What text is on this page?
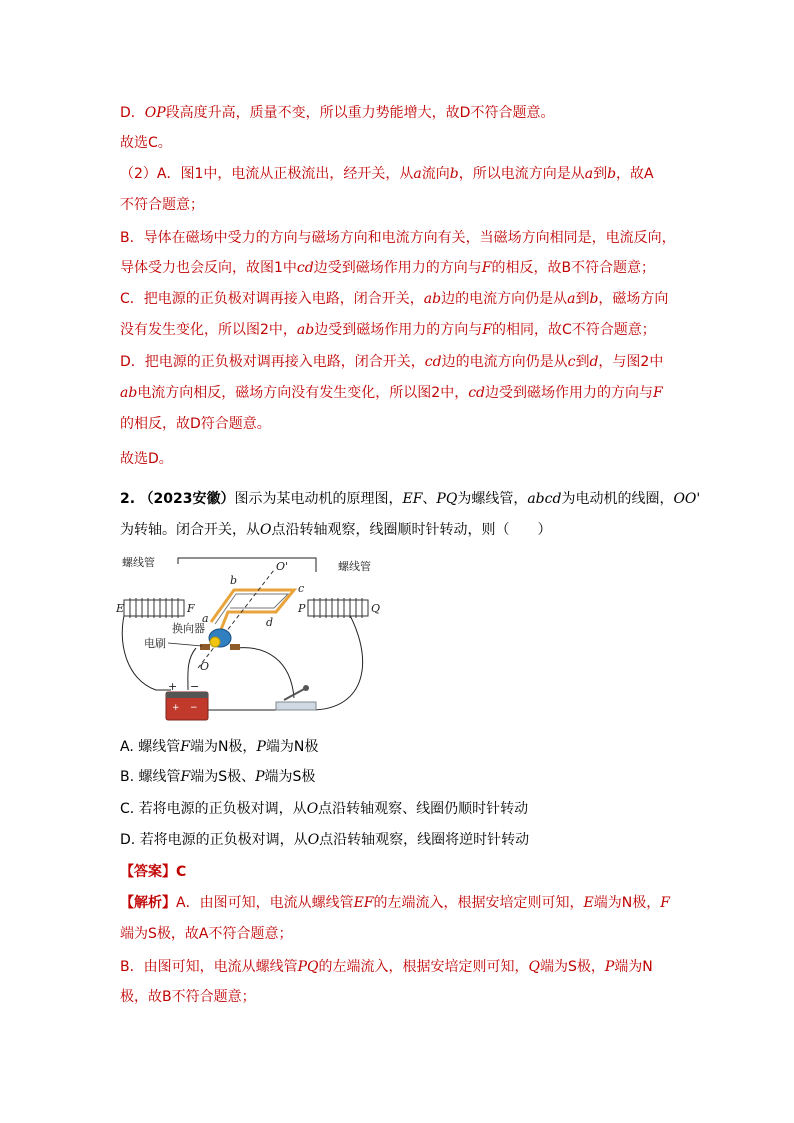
D．OP段高度升高，质量不变，所以重力势能增大，故D不符合题意。
故选C。
（2）A．图1中，电流从正极流出，经开关，从a流向b，所以电流方向是从a到b，故A
不符合题意；
B．导体在磁场中受力的方向与磁场方向和电流方向有关，当磁场方向相同是，电流反向，
导体受力也会反向，故图1中cd边受到磁场作用力的方向与F的相反，故B不符合题意；
C．把电源的正负极对调再接入电路，闭合开关，ab边的电流方向仍是从a到b，磁场方向
没有发生变化，所以图2中，ab边受到磁场作用力的方向与F的相同，故C不符合题意；
D．把电源的正负极对调再接入电路，闭合开关，cd边的电流方向仍是从c到d，与图2中
ab电流方向相反，磁场方向没有发生变化，所以图2中，cd边受到磁场作用力的方向与F
的相反，故D符合题意。
故选D。
2. （2023安徽）图示为某电动机的原理图，EF、PQ为螺线管，abcd为电动机的线圈，OO'
为转轴。闭合开关，从O点沿转轴观察，线圈顺时针转动，则（　　）
+ −
螺线管	螺线管
E	F	P	Q
a
b
c
d
O'
O
换向器
电刷
+ −
A. 螺线管F端为N极，P端为N极
B. 螺线管F端为S极、P端为S极
C. 若将电源的正负极对调，从O点沿转轴观察、线圈仍顺时针转动
D. 若将电源的正负极对调，从O点沿转轴观察，线圈将逆时针转动
【答案】C
【解析】A．由图可知，电流从螺线管EF的左端流入，根据安培定则可知，E端为N极，F
端为S极，故A不符合题意；
B．由图可知，电流从螺线管PQ的左端流入，根据安培定则可知，Q端为S极，P端为N
极，故B不符合题意；
